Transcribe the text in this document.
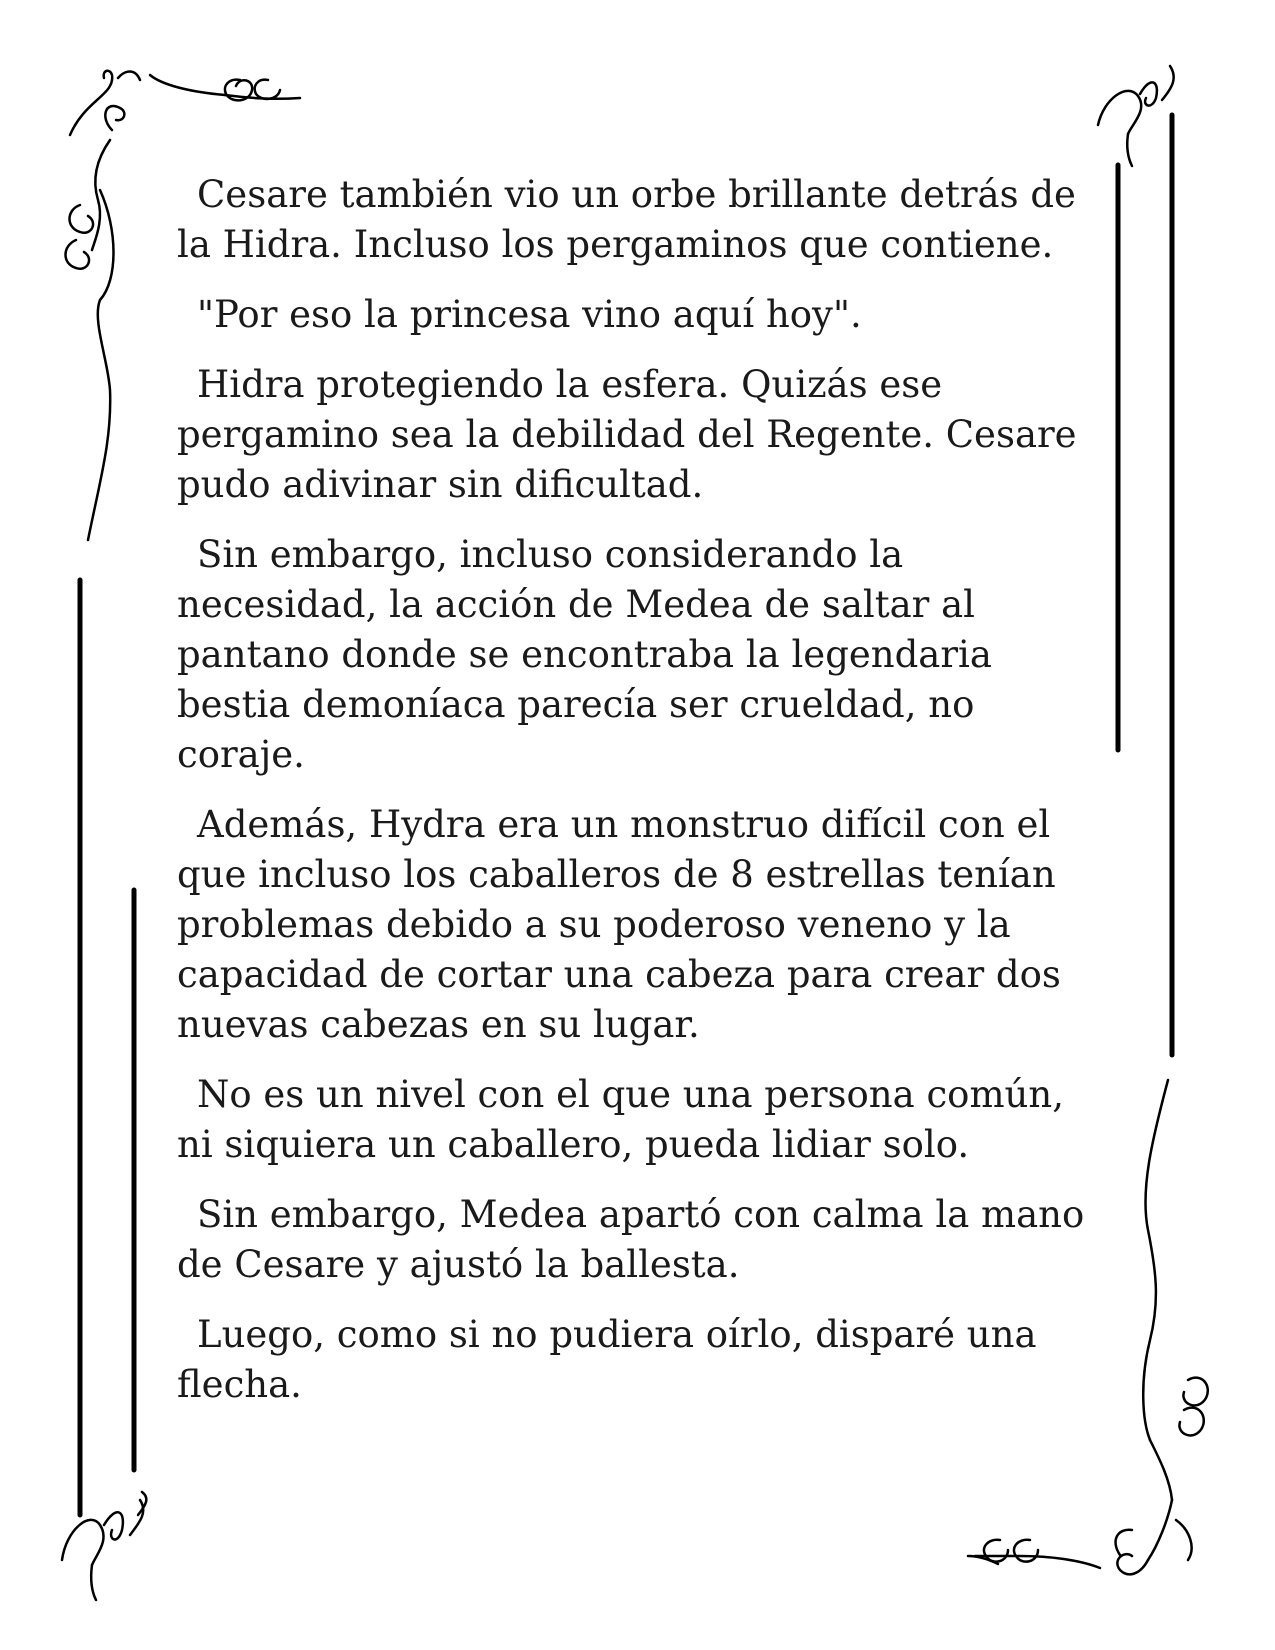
Cesare también vio un orbe brillante detrás de
la Hidra. Incluso los pergaminos que contiene.

"Por eso la princesa vino aquí hoy".

Hidra protegiendo la esfera. Quizás ese
pergamino sea la debilidad del Regente. Cesare
pudo adivinar sin dificultad.

Sin embargo, incluso considerando la
necesidad, la acción de Medea de saltar al
pantano donde se encontraba la legendaria
bestia demoníaca parecía ser crueldad, no
coraje.

Además, Hydra era un monstruo difícil con el
que incluso los caballeros de 8 estrellas tenían
problemas debido a su poderoso veneno y la
capacidad de cortar una cabeza para crear dos
nuevas cabezas en su lugar.

No es un nivel con el que una persona común,
ni siquiera un caballero, pueda lidiar solo.

Sin embargo, Medea apartó con calma la mano
de Cesare y ajustó la ballesta.

Luego, como si no pudiera oírlo, disparé una
flecha.
